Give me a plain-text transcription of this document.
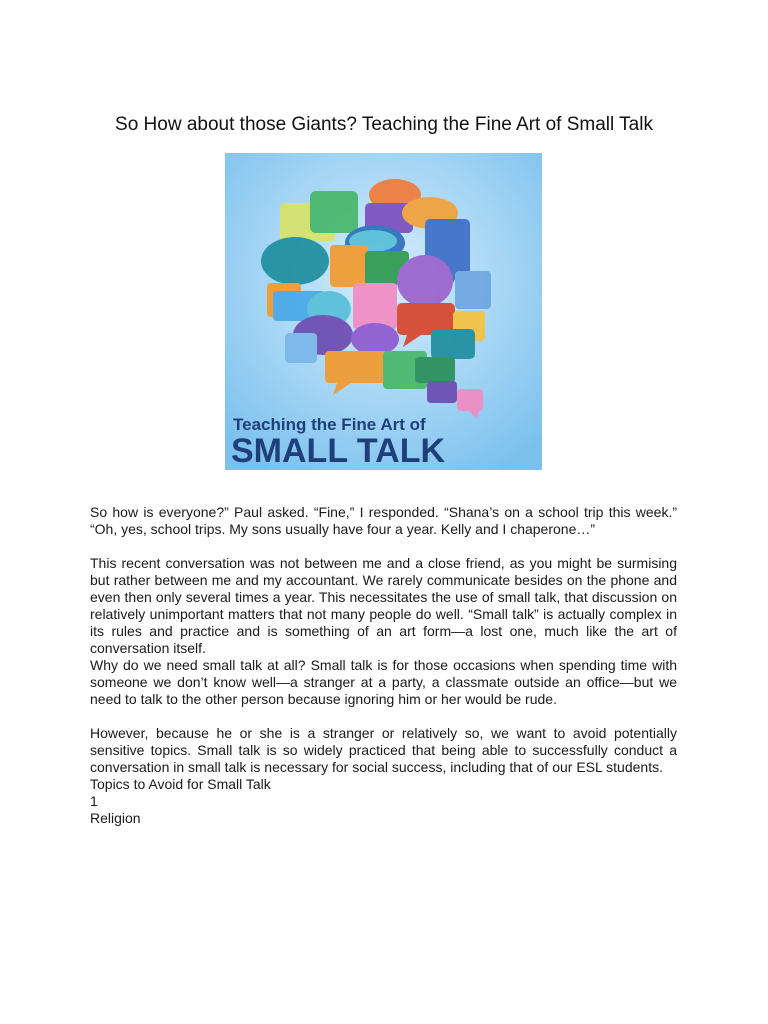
So How about those Giants? Teaching the Fine Art of Small Talk
Teaching the Fine Art of
SMALL TALK

So how is everyone?” Paul asked. “Fine,” I responded. “Shana’s on a school trip this week.” “Oh, yes, school trips. My sons usually have four a year. Kelly and I chaperone…”

This recent conversation was not between me and a close friend, as you might be surmising but rather between me and my accountant. We rarely communicate besides on the phone and even then only several times a year. This necessitates the use of small talk, that discussion on relatively unimportant matters that not many people do well. “Small talk” is actually complex in its rules and practice and is something of an art form—a lost one, much like the art of conversation itself.

Why do we need small talk at all? Small talk is for those occasions when spending time with someone we don’t know well—a stranger at a party, a classmate outside an office—but we need to talk to the other person because ignoring him or her would be rude.

However, because he or she is a stranger or relatively so, we want to avoid potentially sensitive topics. Small talk is so widely practiced that being able to successfully conduct a conversation in small talk is necessary for social success, including that of our ESL students.

Topics to Avoid for Small Talk

1

Religion
